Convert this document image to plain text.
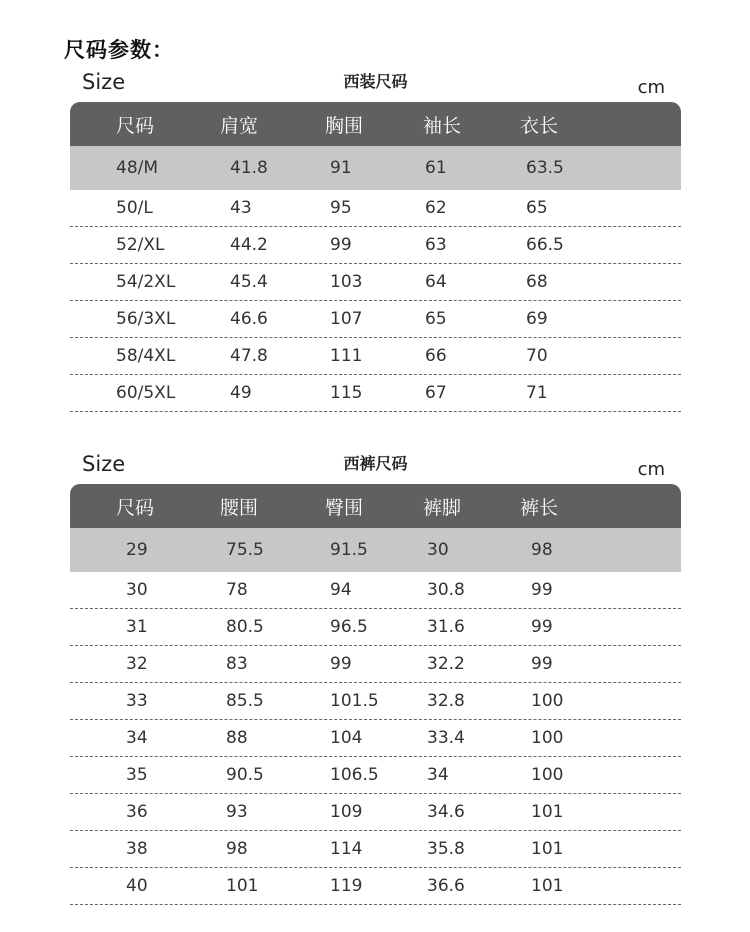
尺码参数：
Size	西装尺码	cm
尺码	肩宽	胸围	袖长	衣长
48/M	41.8	91	61	63.5
50/L	43	95	62	65
52/XL	44.2	99	63	66.5
54/2XL	45.4	103	64	68
56/3XL	46.6	107	65	69
58/4XL	47.8	111	66	70
60/5XL	49	115	67	71
Size	西裤尺码	cm
尺码	腰围	臀围	裤脚	裤长
29	75.5	91.5	30	98
30	78	94	30.8	99
31	80.5	96.5	31.6	99
32	83	99	32.2	99
33	85.5	101.5	32.8	100
34	88	104	33.4	100
35	90.5	106.5	34	100
36	93	109	34.6	101
38	98	114	35.8	101
40	101	119	36.6	101
